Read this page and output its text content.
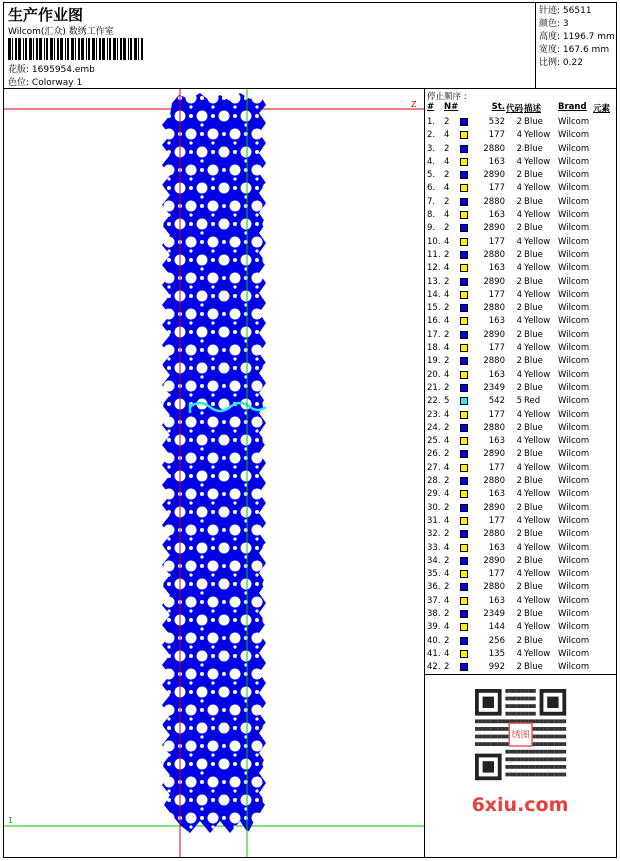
生产作业图
Wilcom(汇众) 数绣工作室
花版: 1695954.emb
色位: Colorway 1
针迹: 56511
颜色: 3
高度: 1196.7 mm
宽度: 167.6 mm
比例: 0.22
Z
1
停止顺序 :
# N#	St. 代码 描述 Brand 元素
1. 2	532	2 Blue Wilcom
2. 4	177	4 Yellow Wilcom
3. 2	2880	2 Blue Wilcom
4. 4	163	4 Yellow Wilcom
5. 2	2890	2 Blue Wilcom
6. 4	177	4 Yellow Wilcom
7. 2	2880	2 Blue Wilcom
8. 4	163	4 Yellow Wilcom
9. 2	2890	2 Blue Wilcom
10. 4	177	4 Yellow Wilcom
11. 2	2880	2 Blue Wilcom
12. 4	163	4 Yellow Wilcom
13. 2	2890	2 Blue Wilcom
14. 4	177	4 Yellow Wilcom
15. 2	2880	2 Blue Wilcom
16. 4	163	4 Yellow Wilcom
17. 2	2890	2 Blue Wilcom
18. 4	177	4 Yellow Wilcom
19. 2	2880	2 Blue Wilcom
20. 4	163	4 Yellow Wilcom
21. 2	2349	2 Blue Wilcom
22. 5	542	5 Red Wilcom
23. 4	177	4 Yellow Wilcom
24. 2	2880	2 Blue Wilcom
25. 4	163	4 Yellow Wilcom
26. 2	2890	2 Blue Wilcom
27. 4	177	4 Yellow Wilcom
28. 2	2880	2 Blue Wilcom
29. 4	163	4 Yellow Wilcom
30. 2	2890	2 Blue Wilcom
31. 4	177	4 Yellow Wilcom
32. 2	2880	2 Blue Wilcom
33. 4	163	4 Yellow Wilcom
34. 2	2890	2 Blue Wilcom
35. 4	177	4 Yellow Wilcom
36. 2	2880	2 Blue Wilcom
37. 4	163	4 Yellow Wilcom
38. 2	2349	2 Blue Wilcom
39. 4	144	4 Yellow Wilcom
40. 2	256	2 Blue Wilcom
41. 4	135	4 Yellow Wilcom
42. 2	992	2 Blue Wilcom
绣图
6xiu.com
